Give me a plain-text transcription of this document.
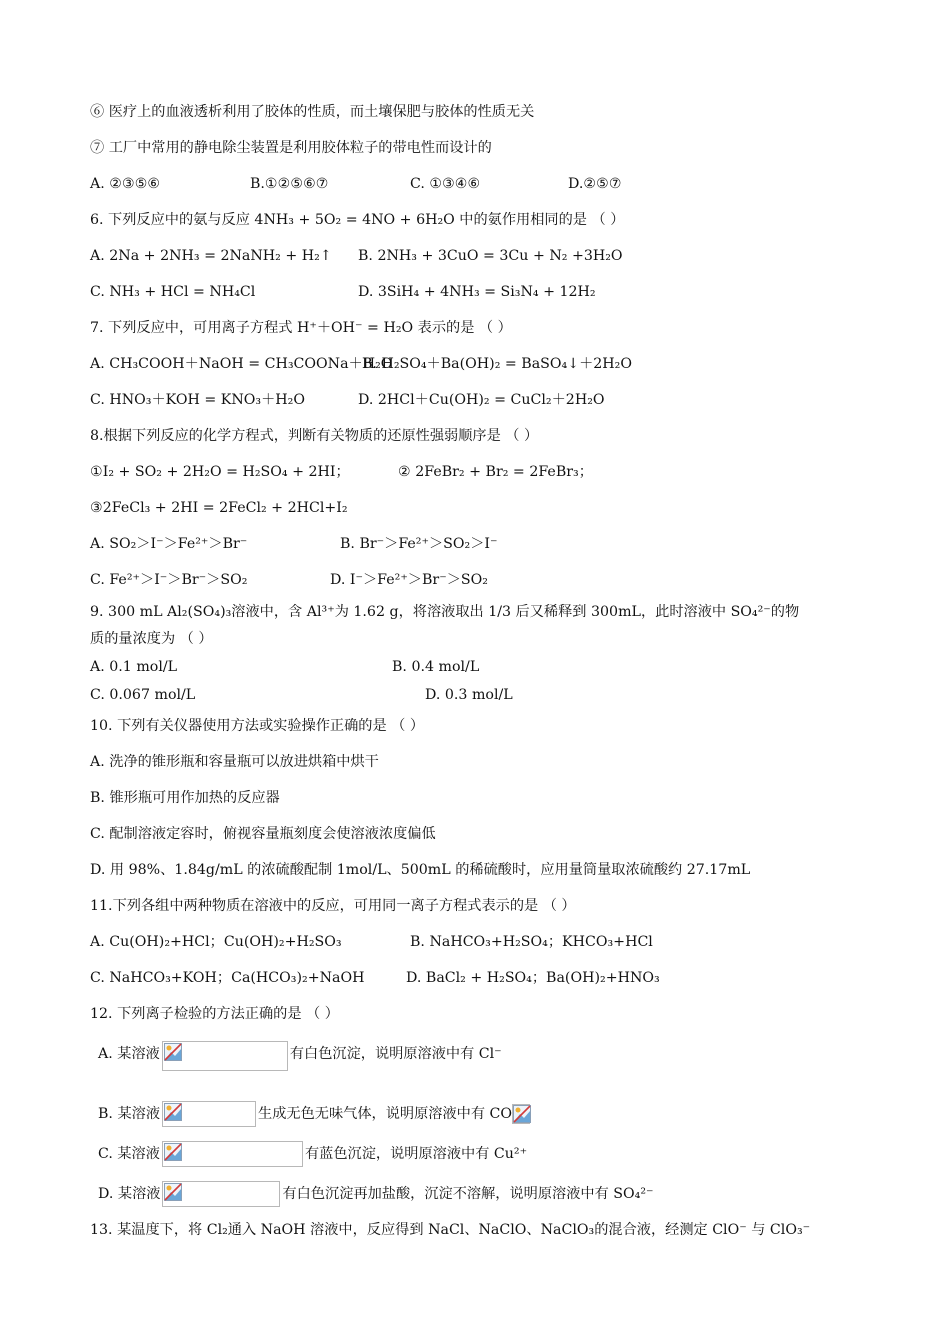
⑥ 医疗上的血液透析利用了胶体的性质，而土壤保肥与胶体的性质无关
⑦ 工厂中常用的静电除尘装置是利用胶体粒子的带电性而设计的
A. ②③⑤⑥	B.①②⑤⑥⑦	C. ①③④⑥	D.②⑤⑦
6. 下列反应中的氨与反应 4NH₃ + 5O₂ = 4NO + 6H₂O 中的氨作用相同的是 （ ）
A. 2Na + 2NH₃ = 2NaNH₂ + H₂↑ B. 2NH₃ + 3CuO = 3Cu + N₂ +3H₂O
C. NH₃ + HCl = NH₄Cl	D. 3SiH₄ + 4NH₃ = Si₃N₄ + 12H₂
7. 下列反应中，可用离子方程式 H⁺＋OH⁻ = H₂O 表示的是 （ ）
A. CH₃COOH＋NaOH = CH₃COONa＋H₂OB. H₂SO₄＋Ba(OH)₂ = BaSO₄↓＋2H₂O
C. HNO₃＋KOH = KNO₃＋H₂O	D. 2HCl＋Cu(OH)₂ = CuCl₂＋2H₂O
8.根据下列反应的化学方程式，判断有关物质的还原性强弱顺序是 （ ）
①I₂ + SO₂ + 2H₂O = H₂SO₄ + 2HI；	② 2FeBr₂ + Br₂ = 2FeBr₃；
③2FeCl₃ + 2HI = 2FeCl₂ + 2HCl+I₂
A. SO₂＞I⁻＞Fe²⁺＞Br⁻	B. Br⁻＞Fe²⁺＞SO₂＞I⁻
C. Fe²⁺＞I⁻＞Br⁻＞SO₂	D. I⁻＞Fe²⁺＞Br⁻＞SO₂
9. 300 mL Al₂(SO₄)₃溶液中，含 Al³⁺为 1.62 g，将溶液取出 1/3 后又稀释到 300mL，此时溶液中 SO₄²⁻的物
质的量浓度为 （ ）
A. 0.1 mol/L	B. 0.4 mol/L
C. 0.067 mol/L	D. 0.3 mol/L
10. 下列有关仪器使用方法或实验操作正确的是 （ ）
A. 洗净的锥形瓶和容量瓶可以放进烘箱中烘干
B. 锥形瓶可用作加热的反应器
C. 配制溶液定容时，俯视容量瓶刻度会使溶液浓度偏低
D. 用 98%、1.84g/mL 的浓硫酸配制 1mol/L、500mL 的稀硫酸时，应用量筒量取浓硫酸约 27.17mL
11.下列各组中两种物质在溶液中的反应，可用同一离子方程式表示的是 （ ）
A. Cu(OH)₂+HCl；Cu(OH)₂+H₂SO₃	B. NaHCO₃+H₂SO₄；KHCO₃+HCl
C. NaHCO₃+KOH；Ca(HCO₃)₂+NaOH	D. BaCl₂ + H₂SO₄；Ba(OH)₂+HNO₃
12. 下列离子检验的方法正确的是 （ ）
A. 某溶液	有白色沉淀，说明原溶液中有 Cl⁻
B. 某溶液	生成无色无味气体，说明原溶液中有 CO
C. 某溶液	有蓝色沉淀，说明原溶液中有 Cu²⁺
D. 某溶液	有白色沉淀再加盐酸，沉淀不溶解，说明原溶液中有 SO₄²⁻
13. 某温度下，将 Cl₂通入 NaOH 溶液中，反应得到 NaCl、NaClO、NaClO₃的混合液，经测定 ClO⁻ 与 ClO₃⁻
